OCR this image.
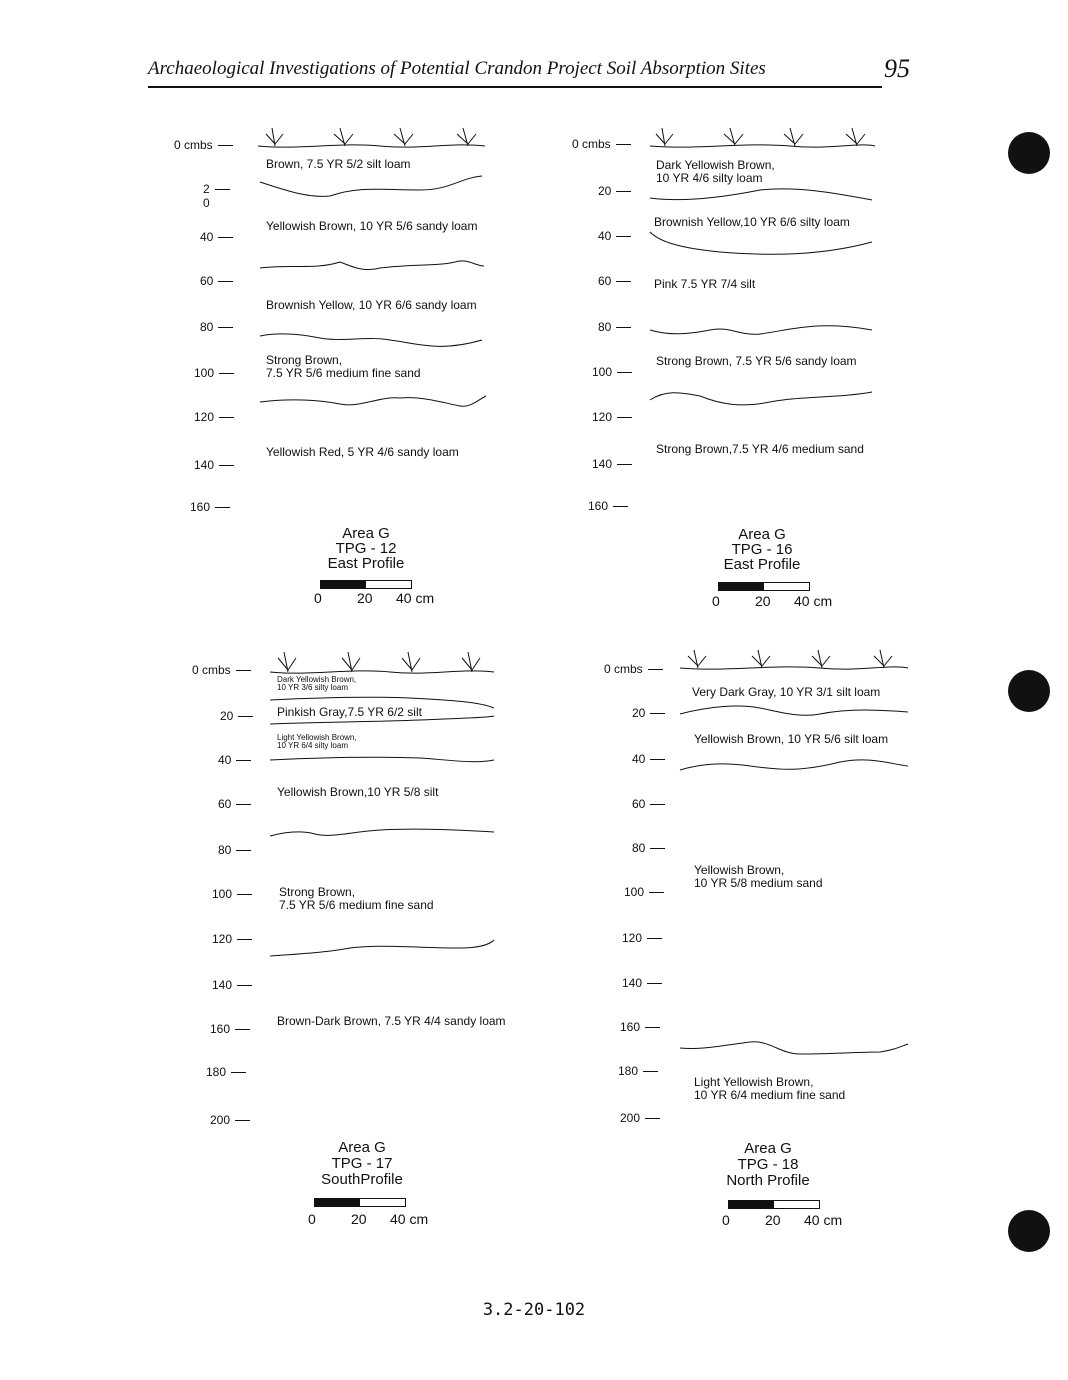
Archaeological Investigations of Potential Crandon Project Soil Absorption Sites	95
0 cmbs
2
0
40
60
80
100
120
140
160
Brown, 7.5 YR 5/2 silt loam
Yellowish Brown, 10 YR 5/6 sandy loam
Brownish Yellow, 10 YR 6/6 sandy loam
Strong Brown,
7.5 YR 5/6 medium fine sand
Yellowish Red, 5 YR 4/6 sandy loam
Area G
TPG - 12
East Profile
0	20 40 cm
0 cmbs
20
40
60
80
100
120
140
160
Dark Yellowish Brown,
10 YR 4/6 silty loam
Brownish Yellow,10 YR 6/6 silty loam
Pink 7.5 YR 7/4 silt
Strong Brown, 7.5 YR 5/6 sandy loam
Strong Brown,7.5 YR 4/6 medium sand
Area G
TPG - 16
East Profile
0	20 40 cm
0 cmbs
20
40
60
80
100
120
140
160
180
200
Dark Yellowish Brown,
10 YR 3/6 silty loam
Pinkish Gray,7.5 YR 6/2 silt
Light Yellowish Brown,
10 YR 6/4 silty loam
Yellowish Brown,10 YR 5/8 silt
Strong Brown,
7.5 YR 5/6 medium fine sand
Brown-Dark Brown, 7.5 YR 4/4 sandy loam
Area G
TPG - 17
SouthProfile
0	20 40 cm
0 cmbs
20
40
60
80
100
120
140
160
180
200
Very Dark Gray, 10 YR 3/1 silt loam
Yellowish Brown, 10 YR 5/6 silt loam
Yellowish Brown,
10 YR 5/8 medium sand
Light Yellowish Brown,
10 YR 6/4 medium fine sand
Area G
TPG - 18
North Profile
0	20 40 cm
3.2-20-102
